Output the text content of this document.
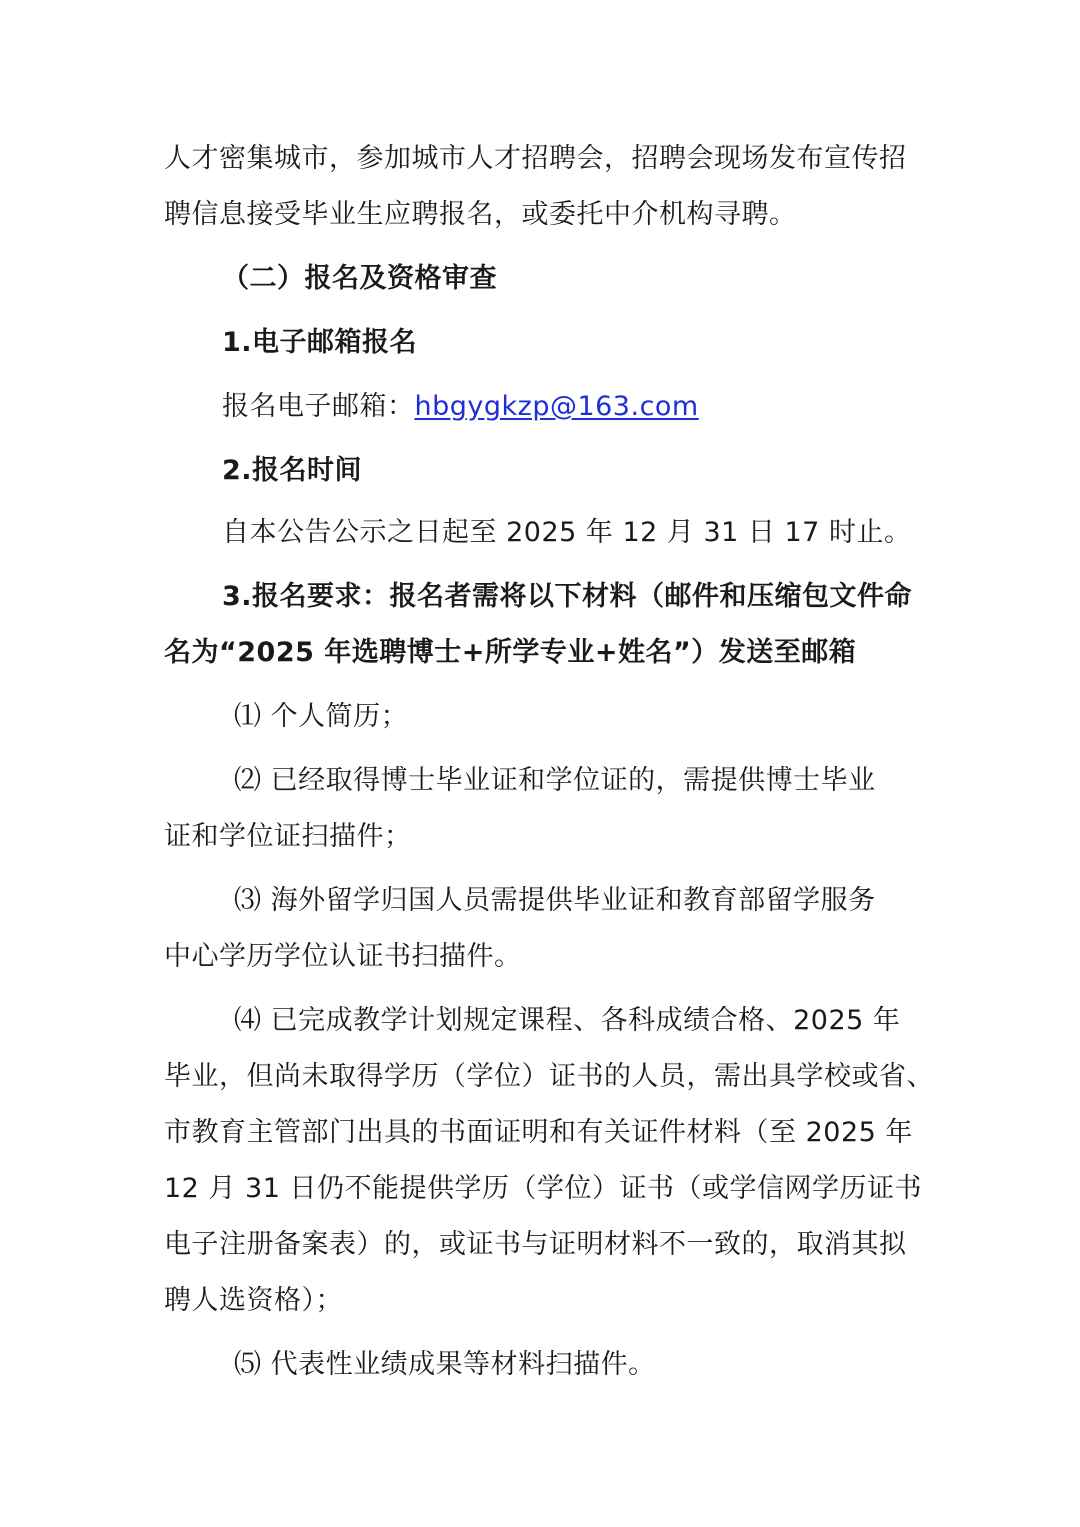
人才密集城市，参加城市人才招聘会，招聘会现场发布宣传招
聘信息接受毕业生应聘报名，或委托中介机构寻聘。
（二）报名及资格审查
1.电子邮箱报名
报名电子邮箱：hbgygkzp@163.com
2.报名时间
自本公告公示之日起至 2025 年 12 月 31 日 17 时止。
3.报名要求：报名者需将以下材料（邮件和压缩包文件命
名为“2025 年选聘博士+所学专业+姓名”）发送至邮箱
⑴ 个人简历；
⑵ 已经取得博士毕业证和学位证的，需提供博士毕业
证和学位证扫描件；
⑶ 海外留学归国人员需提供毕业证和教育部留学服务
中心学历学位认证书扫描件。
⑷ 已完成教学计划规定课程、各科成绩合格、2025 年
毕业，但尚未取得学历（学位）证书的人员，需出具学校或省、
市教育主管部门出具的书面证明和有关证件材料（至 2025 年
12 月 31 日仍不能提供学历（学位）证书（或学信网学历证书
电子注册备案表）的，或证书与证明材料不一致的，取消其拟
聘人选资格）；
⑸ 代表性业绩成果等材料扫描件。
